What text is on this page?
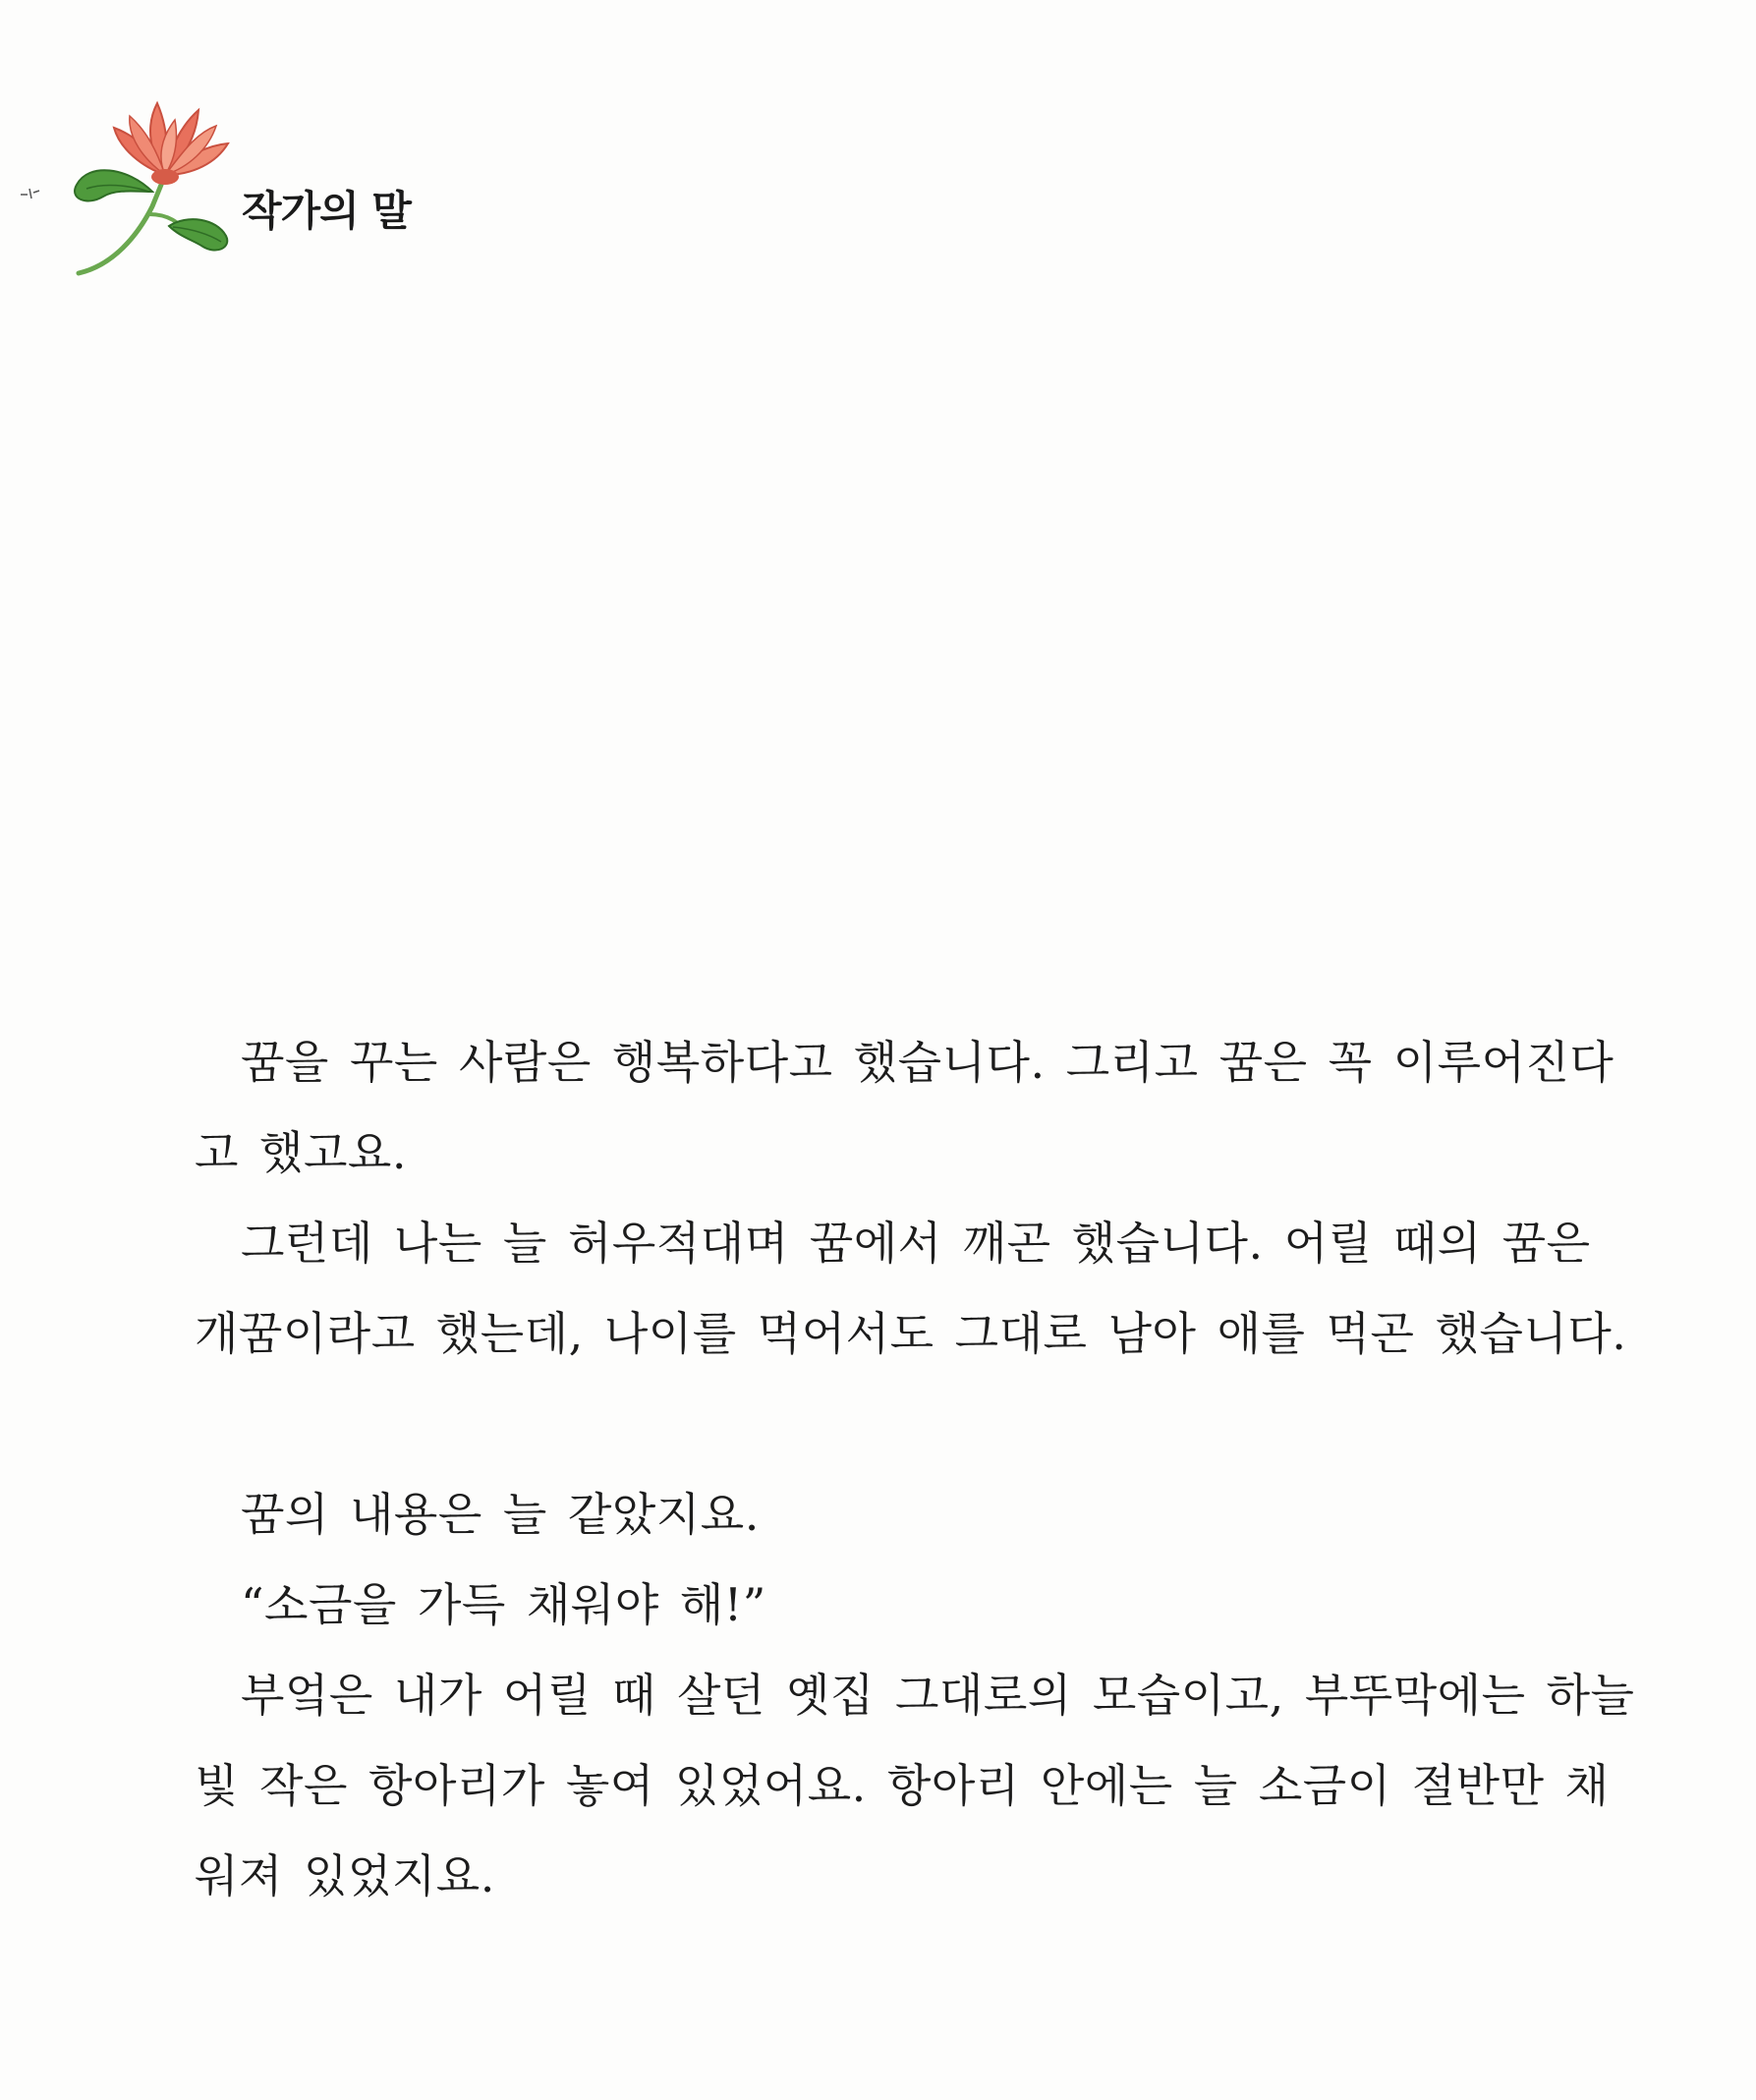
작가의 말

꿈을 꾸는 사람은 행복하다고 했습니다. 그리고 꿈은 꼭 이루어진다

고 했고요.

그런데 나는 늘 허우적대며 꿈에서 깨곤 했습니다. 어릴 때의 꿈은

개꿈이라고 했는데, 나이를 먹어서도 그대로 남아 애를 먹곤 했습니다.

꿈의 내용은 늘 같았지요.

“소금을 가득 채워야 해!”

부엌은 내가 어릴 때 살던 옛집 그대로의 모습이고, 부뚜막에는 하늘

빛 작은 항아리가 놓여 있었어요. 항아리 안에는 늘 소금이 절반만 채

워져 있었지요.
